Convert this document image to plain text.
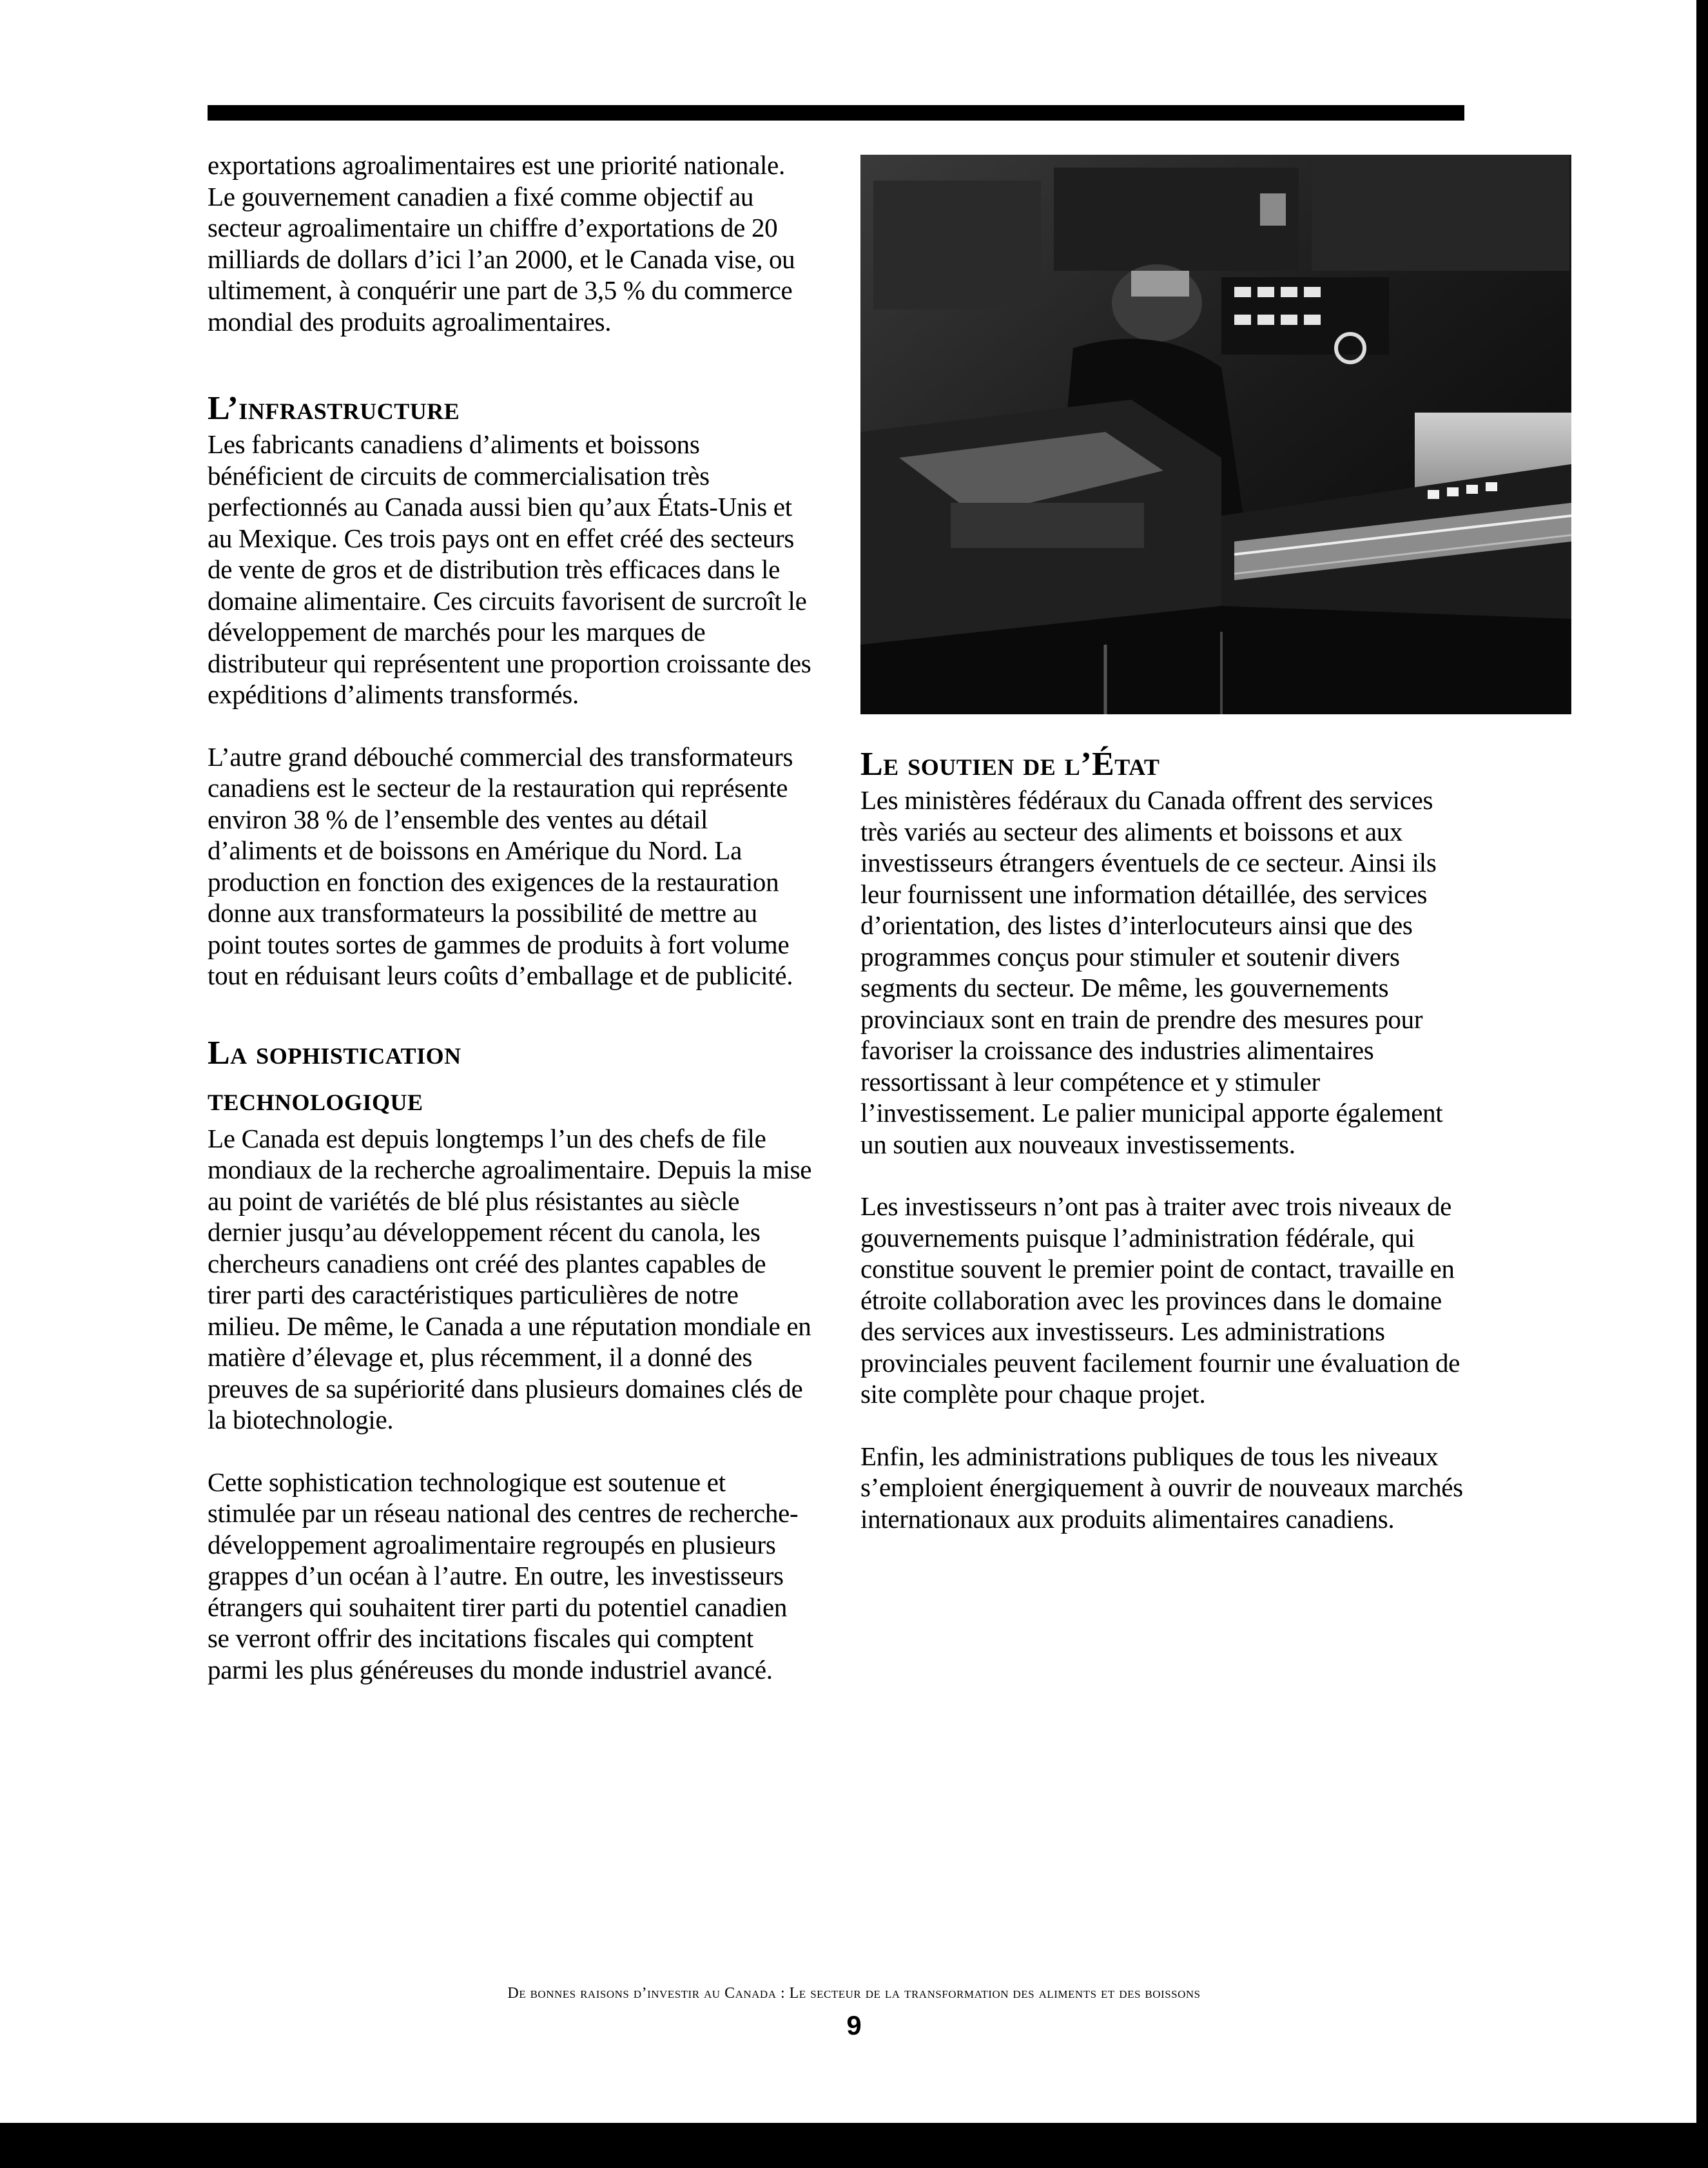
exportations agroalimentaires est une priorité nationale. Le gouvernement canadien a fixé comme objectif au secteur agroalimentaire un chiffre d’exportations de 20 milliards de dollars d’ici l’an 2000, et le Canada vise, ou ultimement, à conquérir une part de 3,5 % du commerce mondial des produits agroalimentaires.

L’infrastructure

Les fabricants canadiens d’aliments et boissons bénéficient de circuits de commercialisation très perfectionnés au Canada aussi bien qu’aux États-Unis et au Mexique. Ces trois pays ont en effet créé des secteurs de vente de gros et de distribution très efficaces dans le domaine alimentaire. Ces circuits favorisent de surcroît le développement de marchés pour les marques de distributeur qui représentent une proportion croissante des expéditions d’aliments transformés.

L’autre grand débouché commercial des transformateurs canadiens est le secteur de la restauration qui représente environ 38 % de l’ensemble des ventes au détail d’aliments et de boissons en Amérique du Nord. La production en fonction des exigences de la restauration donne aux transformateurs la possibilité de mettre au point toutes sortes de gammes de produits à fort volume tout en réduisant leurs coûts d’emballage et de publicité.

La sophistication
technologique

Le Canada est depuis longtemps l’un des chefs de file mondiaux de la recherche agroalimentaire. Depuis la mise au point de variétés de blé plus résistantes au siècle dernier jusqu’au développement récent du canola, les chercheurs canadiens ont créé des plantes capables de tirer parti des caractéristiques particulières de notre milieu. De même, le Canada a une réputation mondiale en matière d’élevage et, plus récemment, il a donné des preuves de sa supériorité dans plusieurs domaines clés de la biotechnologie.

Cette sophistication technologique est soutenue et stimulée par un réseau national des centres de recherche-développement agroalimentaire regroupés en plusieurs grappes d’un océan à l’autre. En outre, les investisseurs étrangers qui souhaitent tirer parti du potentiel canadien se verront offrir des incitations fiscales qui comptent parmi les plus généreuses du monde industriel avancé.

Le soutien de l’État

Les ministères fédéraux du Canada offrent des services très variés au secteur des aliments et boissons et aux investisseurs étrangers éventuels de ce secteur. Ainsi ils leur fournissent une information détaillée, des services d’orientation, des listes d’interlocuteurs ainsi que des programmes conçus pour stimuler et soutenir divers segments du secteur. De même, les gouvernements provinciaux sont en train de prendre des mesures pour favoriser la croissance des industries alimentaires ressortissant à leur compétence et y stimuler l’investissement. Le palier municipal apporte également un soutien aux nouveaux investissements.

Les investisseurs n’ont pas à traiter avec trois niveaux de gouvernements puisque l’administration fédérale, qui constitue souvent le premier point de contact, travaille en étroite collaboration avec les provinces dans le domaine des services aux investisseurs. Les administrations provinciales peuvent facilement fournir une évaluation de site complète pour chaque projet.

Enfin, les administrations publiques de tous les niveaux s’emploient énergiquement à ouvrir de nouveaux marchés internationaux aux produits alimentaires canadiens.

De bonnes raisons d’investir au Canada : Le secteur de la transformation des aliments et des boissons
9
